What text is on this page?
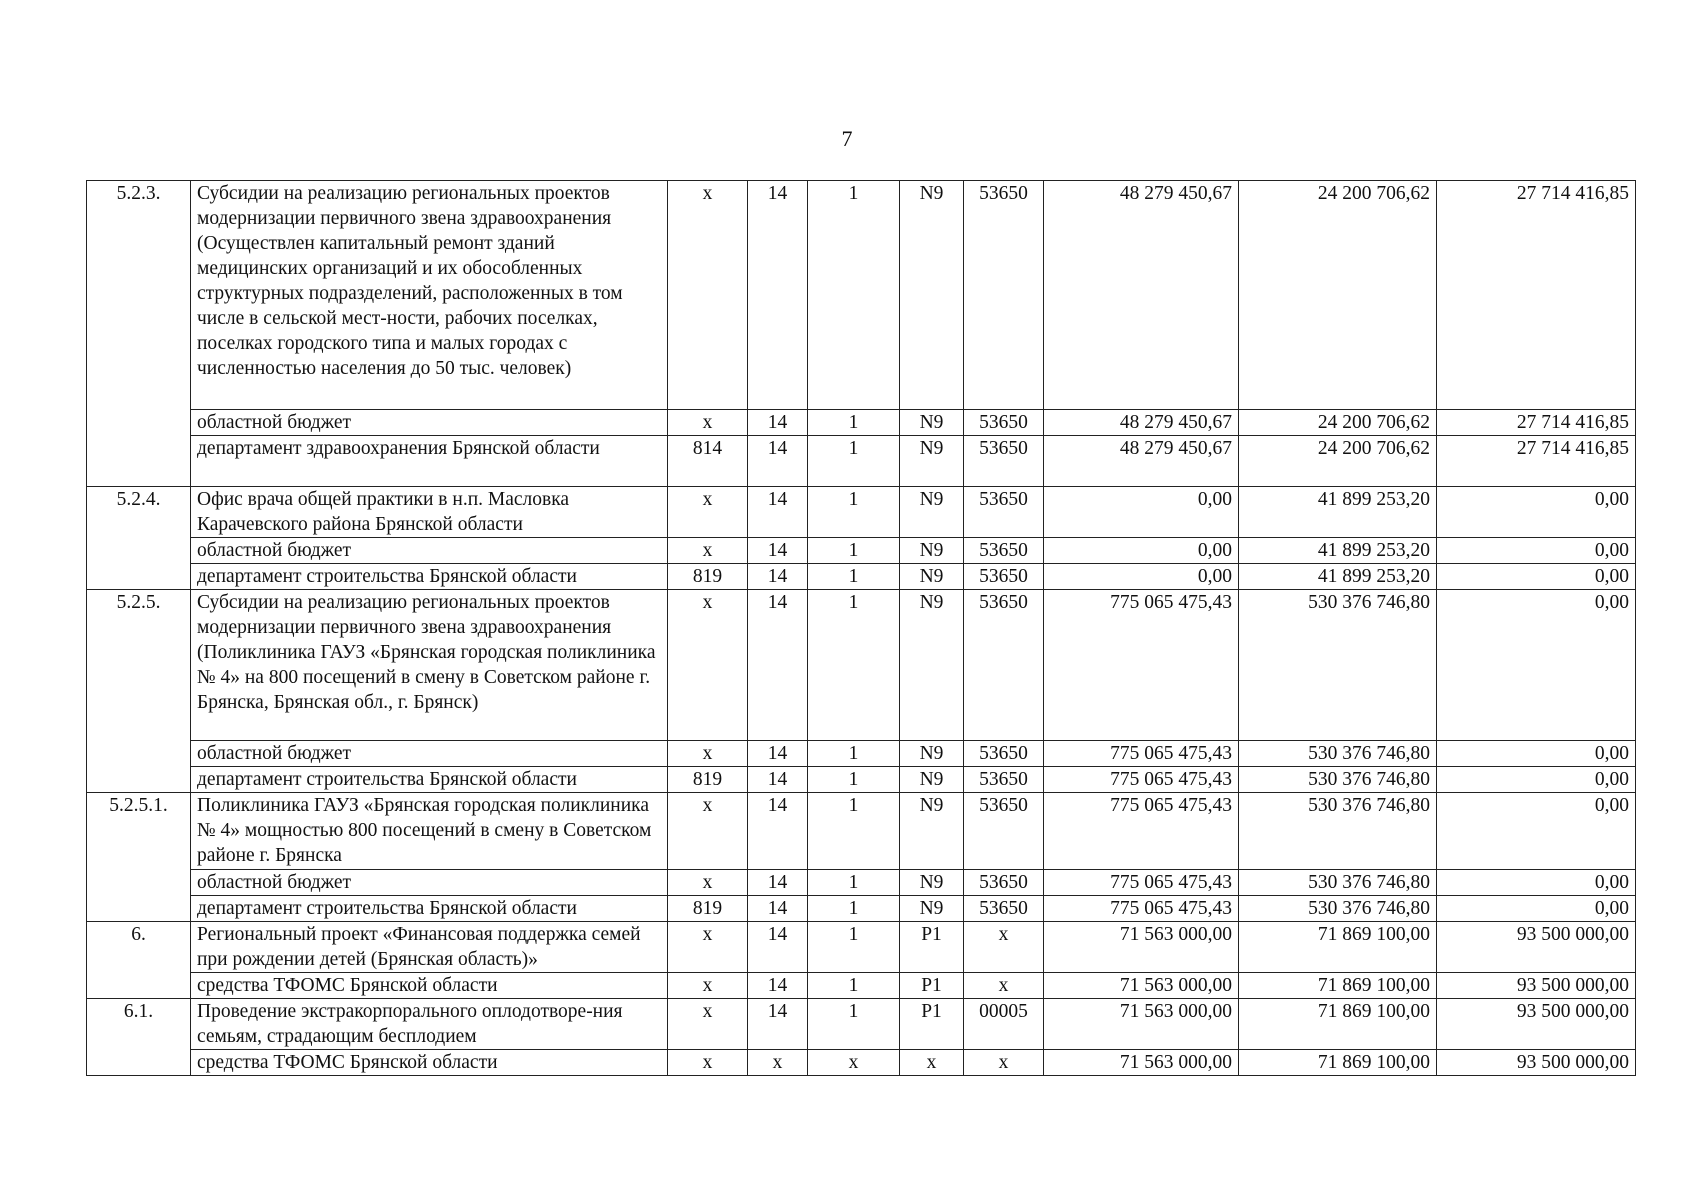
7
5.2.3.	Субсидии на реализацию региональных проектов модернизации первичного звена здравоохранения (Осуществлен капитальный ремонт зданий медицинских организаций и их обособленных структурных подразделений, расположенных в том числе в сельской мест-ности, рабочих поселках, поселках городского типа и малых городах с численностью населения до 50 тыс. человек)	х	14	1	N9	53650	48 279 450,67	24 200 706,62	27 714 416,85
	областной бюджет	х	14	1	N9	53650	48 279 450,67	24 200 706,62	27 714 416,85
	департамент здравоохранения Брянской области	814	14	1	N9	53650	48 279 450,67	24 200 706,62	27 714 416,85
5.2.4.	Офис врача общей практики в н.п. Масловка Карачевского района Брянской области	х	14	1	N9	53650	0,00	41 899 253,20	0,00
	областной бюджет	х	14	1	N9	53650	0,00	41 899 253,20	0,00
	департамент строительства Брянской области	819	14	1	N9	53650	0,00	41 899 253,20	0,00
5.2.5.	Субсидии на реализацию региональных проектов модернизации первичного звена здравоохранения (Поликлиника ГАУЗ «Брянская городская поликлиника № 4» на 800 посещений в смену в Советском районе г. Брянска, Брянская обл., г. Брянск)	х	14	1	N9	53650	775 065 475,43	530 376 746,80	0,00
	областной бюджет	х	14	1	N9	53650	775 065 475,43	530 376 746,80	0,00
	департамент строительства Брянской области	819	14	1	N9	53650	775 065 475,43	530 376 746,80	0,00
5.2.5.1.	Поликлиника ГАУЗ «Брянская городская поликлиника № 4» мощностью 800 посещений в смену в Советском районе г. Брянска	х	14	1	N9	53650	775 065 475,43	530 376 746,80	0,00
	областной бюджет	х	14	1	N9	53650	775 065 475,43	530 376 746,80	0,00
	департамент строительства Брянской области	819	14	1	N9	53650	775 065 475,43	530 376 746,80	0,00
6.	Региональный проект «Финансовая поддержка семей при рождении детей (Брянская область)»	х	14	1	P1	х	71 563 000,00	71 869 100,00	93 500 000,00
	средства ТФОМС Брянской области	х	14	1	P1	х	71 563 000,00	71 869 100,00	93 500 000,00
6.1.	Проведение экстракорпорального оплодотворе-ния семьям, страдающим бесплодием	х	14	1	P1	00005	71 563 000,00	71 869 100,00	93 500 000,00
	средства ТФОМС Брянской области	х	х	х	х	х	71 563 000,00	71 869 100,00	93 500 000,00
